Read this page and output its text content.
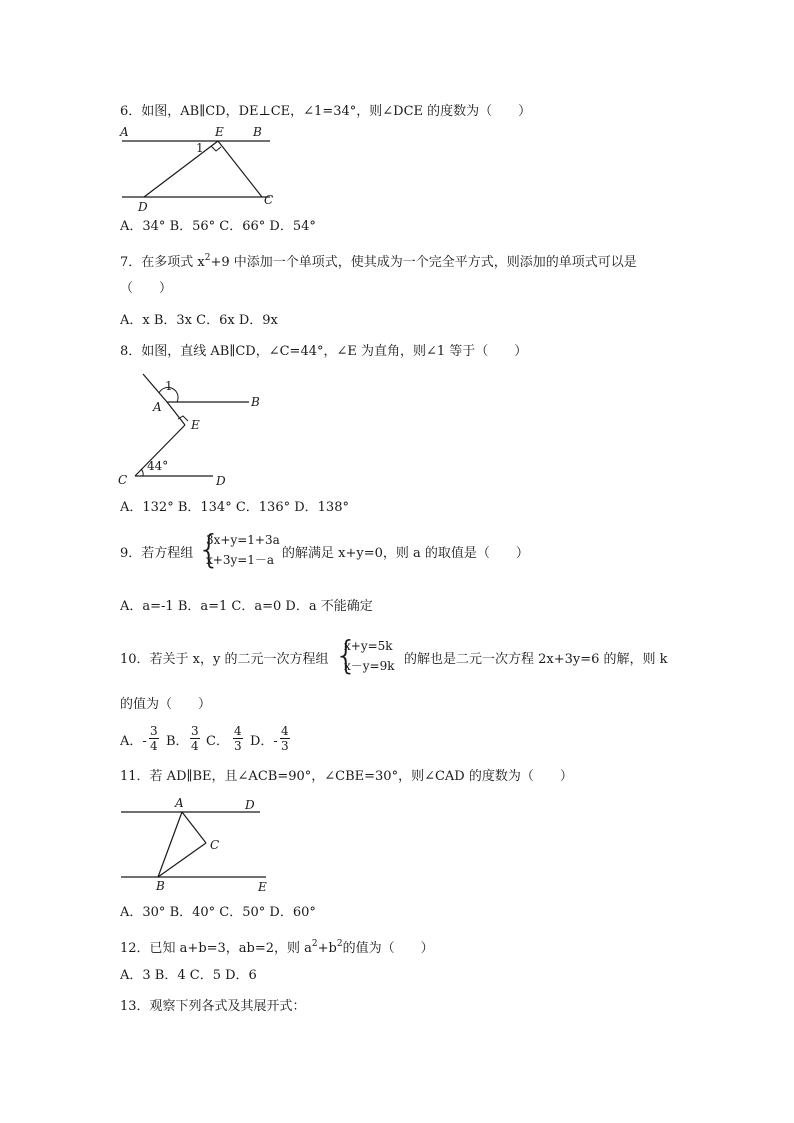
6．如图，AB∥CD，DE⊥CE，∠1=34°，则∠DCE 的度数为（　　）
A	E B
1
D	C
A．34° B．56° C．66° D．54°
7．在多项式 $x^2+9$ 中添加一个单项式，使其成为一个完全平方式，则添加的单项式可以是
（　　）
A．x B．3x C．6x D．9x
8．如图，直线 AB∥CD，∠C=44°，∠E 为直角，则∠1 等于（　　）
1
A	B
E
C	D
44°
A．132° B．134° C．136° D．138°
9．若方程组 {
3x+y=1+3a
x+3y=1－a 的解满足 x+y=0，则 a 的取值是（　　）
A．a=-1 B．a=1 C．a=0 D．a 不能确定
10．若关于 x，y 的二元一次方程组 {
x+y=5k
x－y=9k 的解也是二元一次方程 2x+3y=6 的解，则 k
的值为（　　）
A．- $\frac{3}{4}$ B． $\frac{3}{4}$ C． $\frac{4}{3}$ D．- $\frac{4}{3}$
11．若 AD∥BE，且∠ACB=90°，∠CBE=30°，则∠CAD 的度数为（　　）
A	D
C
B	E
A．30° B．40° C．50° D．60°
12．已知 a+b=3，ab=2，则 $a^2+b^2$的值为（　　）
A．3 B．4 C．5 D．6
13．观察下列各式及其展开式：
